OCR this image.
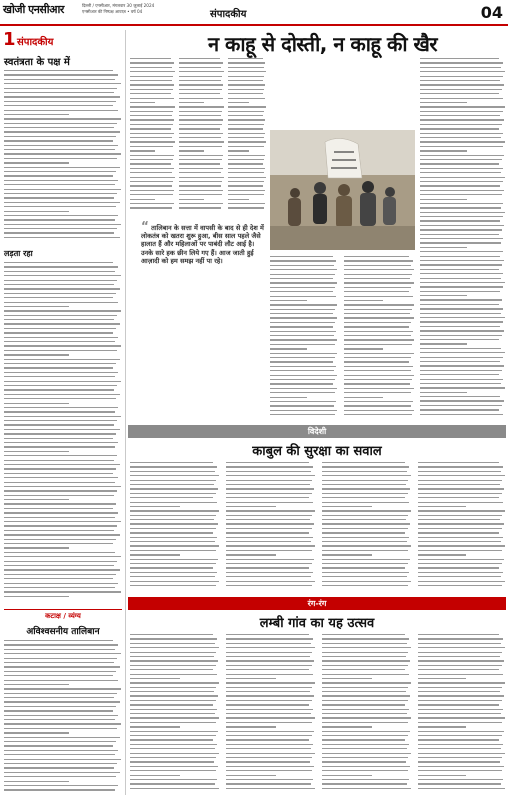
खोजी एनसीआर	दिल्ली / एनसीआर, मंगलवार 30 जुलाई 2024
एनसीआर की निष्पक्ष आवाज़ • वर्ष 04	संपादकीय	04
1 संपादकीय
स्वतंत्रता के पक्ष में
लड़ता रहा
कटाक्ष / व्यंग्य
अविश्वसनीय तालिबान
न काहू से दोस्ती, न काहू की खैर
“ तालिबान के सत्ता में वापसी के बाद से ही देश में लोकतंत्र को खतरा शुरू हुआ, बीस साल पहले जैसे हालात हैं और महिलाओं पर पाबंदी लौट आई है। उनके सारे हक छीन लिये गए हैं। आज जाती हुई आज़ादी को हम समझ नहीं पा रहे।
विदेशी
काबुल की सुरक्षा का सवाल
रंग-रंग
लम्बी गांव का यह उत्सव
